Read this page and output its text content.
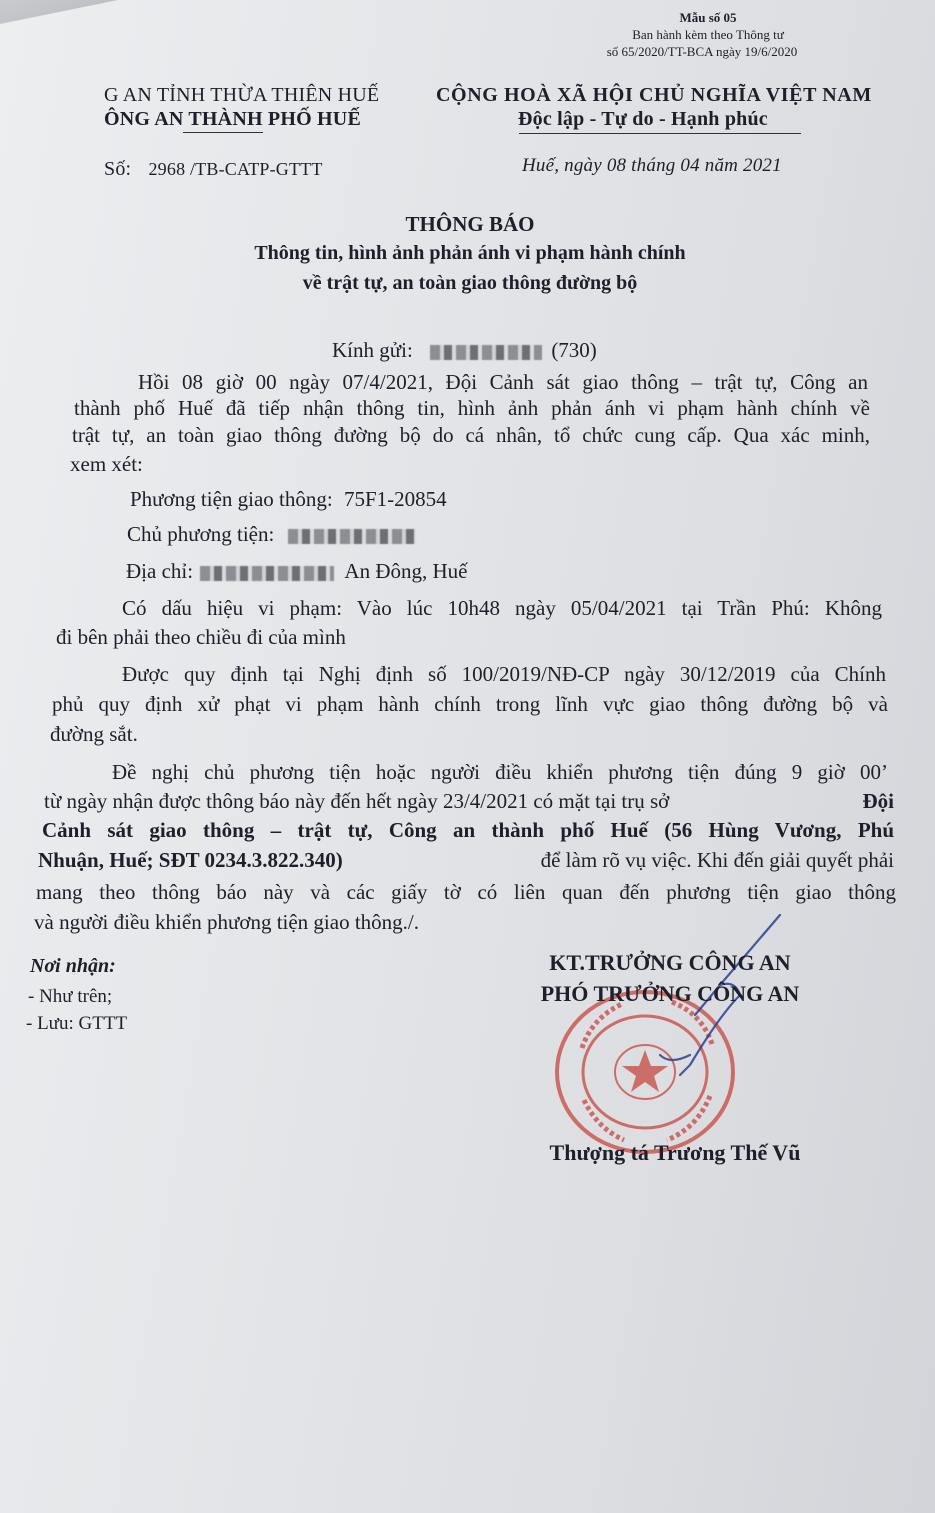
Mẫu số 05
Ban hành kèm theo Thông tư
số 65/2020/TT-BCA ngày 19/6/2020
G AN TỈNH THỪA THIÊN HUẾ
ÔNG AN THÀNH PHỐ HUẾ
Số: 2968 /TB-CATP-GTTT
CỘNG HOÀ XÃ HỘI CHỦ NGHĨA VIỆT NAM
Độc lập - Tự do - Hạnh phúc
Huế, ngày 08 tháng 04 năm 2021
THÔNG BÁO
Thông tin, hình ảnh phản ánh vi phạm hành chính
về trật tự, an toàn giao thông đường bộ
Kính gửi:	(730)
Hồi 08 giờ 00 ngày 07/4/2021, Đội Cảnh sát giao thông – trật tự, Công an
thành phố Huế đã tiếp nhận thông tin, hình ảnh phản ánh vi phạm hành chính về
trật tự, an toàn giao thông đường bộ do cá nhân, tổ chức cung cấp. Qua xác minh,
xem xét:
Phương tiện giao thông: 75F1-20854
Chủ phương tiện:
Địa chỉ:	An Đông, Huế
Có dấu hiệu vi phạm: Vào lúc 10h48 ngày 05/04/2021 tại Trần Phú: Không
đi bên phải theo chiều đi của mình
Được quy định tại Nghị định số 100/2019/NĐ-CP ngày 30/12/2019 của Chính
phủ quy định xử phạt vi phạm hành chính trong lĩnh vực giao thông đường bộ và
đường sắt.
Đề nghị chủ phương tiện hoặc người điều khiển phương tiện đúng 9 giờ 00’
từ ngày nhận được thông báo này đến hết ngày 23/4/2021 có mặt tại trụ sở	Đội
Cảnh sát giao thông – trật tự, Công an thành phố Huế (56 Hùng Vương, Phú
Nhuận, Huế; SĐT 0234.3.822.340)	để làm rõ vụ việc. Khi đến giải quyết phải
mang theo thông báo này và các giấy tờ có liên quan đến phương tiện giao thông
và người điều khiển phương tiện giao thông./.
Nơi nhận:
- Như trên;
- Lưu: GTTT
KT.TRƯỞNG CÔNG AN
PHÓ TRƯỞNG CÔNG AN
Thượng tá Trương Thế Vũ
